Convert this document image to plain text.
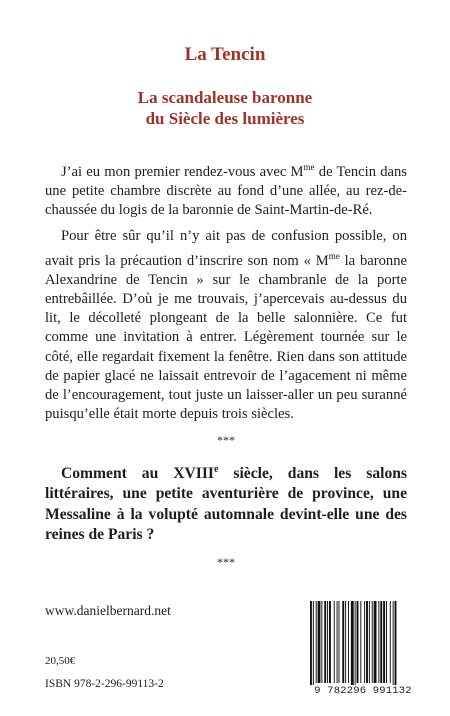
La Tencin
La scandaleuse baronne
du Siècle des lumières

J’ai eu mon premier rendez-vous avec $M^{me}$ de Tencin dans une petite chambre discrète au fond d’une allée, au rez-de-chaussée du logis de la baronnie de Saint-Martin-de-Ré.

Pour être sûr qu’il n’y ait pas de confusion possible, on avait pris la précaution d’inscrire son nom « $M^{me}$ la baronne Alexandrine de Tencin » sur le chambranle de la porte entrebâillée. D’où je me trouvais, j’apercevais au-dessus du lit, le décolleté plongeant de la belle salonnière. Ce fut comme une invitation à entrer. Légèrement tournée sur le côté, elle regardait fixement la fenêtre. Rien dans son attitude de papier glacé ne laissait entrevoir de l’agacement ni même de l’encouragement, tout juste un laisser-aller un peu suranné puisqu’elle était morte depuis trois siècles.

***

Comment au XVIIIe siècle, dans les salons littéraires, une petite aventurière de province, une Messaline à la volupté automnale devint-elle une des reines de Paris ?

***
www.danielbernard.net
20,50€
ISBN 978-2-296-99113-2
9 782296 991132
